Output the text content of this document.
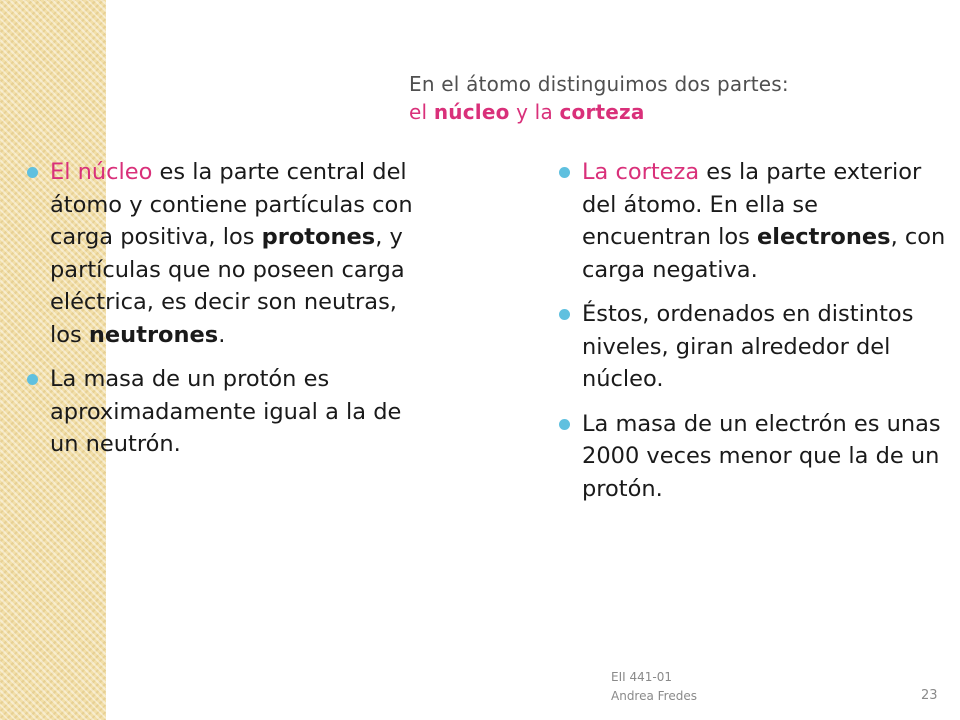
En el átomo distinguimos dos partes:
el núcleo y la corteza
El núcleo es la parte central del átomo y contiene partículas con carga positiva, los protones, y partículas que no poseen carga eléctrica, es decir son neutras, los neutrones.
La masa de un protón es aproximadamente igual a la de un neutrón.
La corteza es la parte exterior del átomo. En ella se encuentran los electrones, con carga negativa.
Éstos, ordenados en distintos niveles, giran alrededor del núcleo.
La masa de un electrón es unas 2000 veces menor que la de un protón.
EII 441-01
Andrea Fredes	23
